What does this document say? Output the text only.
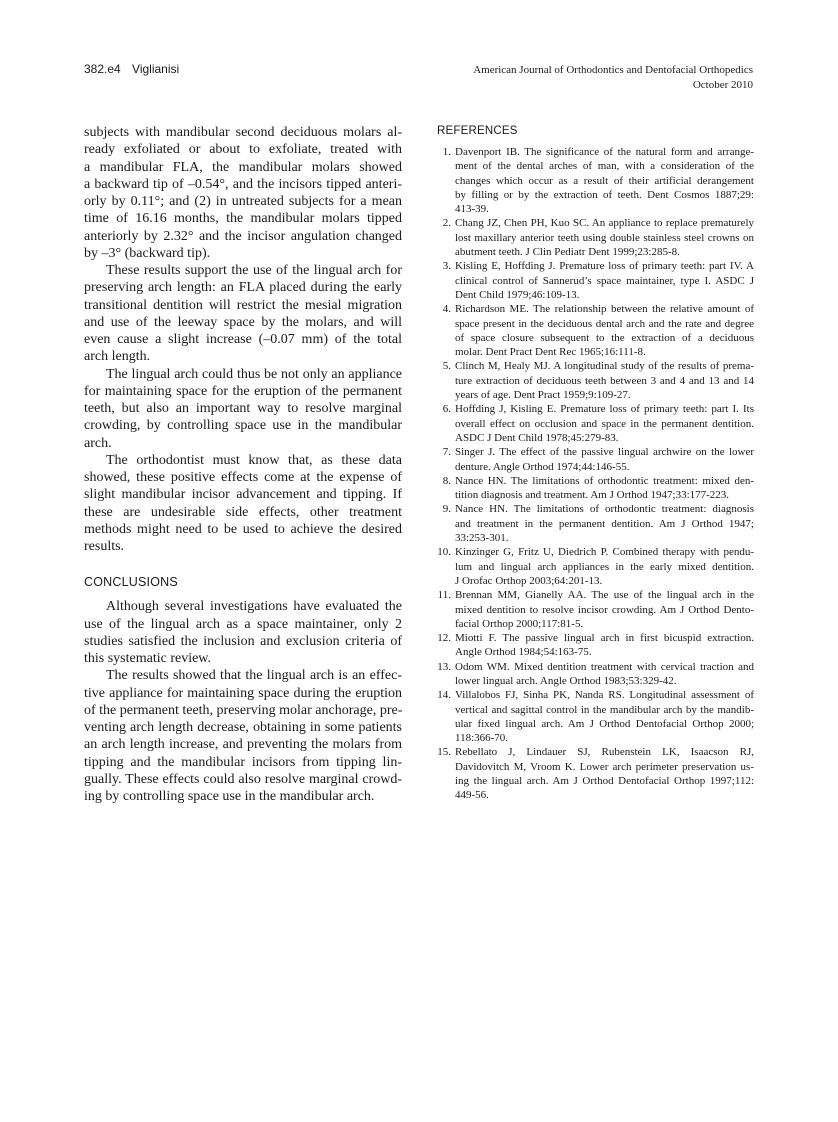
382.e4 Viglianisi	American Journal of Orthodontics and Dentofacial Orthopedics
October 2010
subjects with mandibular second deciduous molars al-
ready exfoliated or about to exfoliate, treated with
a mandibular FLA, the mandibular molars showed
a backward tip of –0.54°, and the incisors tipped anteri-
orly by 0.11°; and (2) in untreated subjects for a mean
time of 16.16 months, the mandibular molars tipped
anteriorly by 2.32° and the incisor angulation changed
by –3° (backward tip).
These results support the use of the lingual arch for
preserving arch length: an FLA placed during the early
transitional dentition will restrict the mesial migration
and use of the leeway space by the molars, and will
even cause a slight increase (–0.07 mm) of the total
arch length.
The lingual arch could thus be not only an appliance
for maintaining space for the eruption of the permanent
teeth, but also an important way to resolve marginal
crowding, by controlling space use in the mandibular
arch.
The orthodontist must know that, as these data
showed, these positive effects come at the expense of
slight mandibular incisor advancement and tipping. If
these are undesirable side effects, other treatment
methods might need to be used to achieve the desired
results.
CONCLUSIONS
Although several investigations have evaluated the
use of the lingual arch as a space maintainer, only 2
studies satisfied the inclusion and exclusion criteria of
this systematic review.
The results showed that the lingual arch is an effec-
tive appliance for maintaining space during the eruption
of the permanent teeth, preserving molar anchorage, pre-
venting arch length decrease, obtaining in some patients
an arch length increase, and preventing the molars from
tipping and the mandibular incisors from tipping lin-
gually. These effects could also resolve marginal crowd-
ing by controlling space use in the mandibular arch.
REFERENCES
1. Davenport IB. The significance of the natural form and arrange-
ment of the dental arches of man, with a consideration of the
changes which occur as a result of their artificial derangement
by filling or by the extraction of teeth. Dent Cosmos 1887;29:
413-39.
2. Chang JZ, Chen PH, Kuo SC. An appliance to replace prematurely
lost maxillary anterior teeth using double stainless steel crowns on
abutment teeth. J Clin Pediatr Dent 1999;23:285-8.
3. Kisling E, Hoffding J. Premature loss of primary teeth: part IV. A
clinical control of Sannerud’s space maintainer, type I. ASDC J
Dent Child 1979;46:109-13.
4. Richardson ME. The relationship between the relative amount of
space present in the deciduous dental arch and the rate and degree
of space closure subsequent to the extraction of a deciduous
molar. Dent Pract Dent Rec 1965;16:111-8.
5. Clinch M, Healy MJ. A longitudinal study of the results of prema-
ture extraction of deciduous teeth between 3 and 4 and 13 and 14
years of age. Dent Pract 1959;9:109-27.
6. Hoffding J, Kisling E. Premature loss of primary teeth: part I. Its
overall effect on occlusion and space in the permanent dentition.
ASDC J Dent Child 1978;45:279-83.
7. Singer J. The effect of the passive lingual archwire on the lower
denture. Angle Orthod 1974;44:146-55.
8. Nance HN. The limitations of orthodontic treatment: mixed den-
tition diagnosis and treatment. Am J Orthod 1947;33:177-223.
9. Nance HN. The limitations of orthodontic treatment: diagnosis
and treatment in the permanent dentition. Am J Orthod 1947;
33:253-301.
10. Kinzinger G, Fritz U, Diedrich P. Combined therapy with pendu-
lum and lingual arch appliances in the early mixed dentition.
J Orofac Orthop 2003;64:201-13.
11. Brennan MM, Gianelly AA. The use of the lingual arch in the
mixed dentition to resolve incisor crowding. Am J Orthod Dento-
facial Orthop 2000;117:81-5.
12. Miotti F. The passive lingual arch in first bicuspid extraction.
Angle Orthod 1984;54:163-75.
13. Odom WM. Mixed dentition treatment with cervical traction and
lower lingual arch. Angle Orthod 1983;53:329-42.
14. Villalobos FJ, Sinha PK, Nanda RS. Longitudinal assessment of
vertical and sagittal control in the mandibular arch by the mandib-
ular fixed lingual arch. Am J Orthod Dentofacial Orthop 2000;
118:366-70.
15. Rebellato J, Lindauer SJ, Rubenstein LK, Isaacson RJ,
Davidovitch M, Vroom K. Lower arch perimeter preservation us-
ing the lingual arch. Am J Orthod Dentofacial Orthop 1997;112:
449-56.
